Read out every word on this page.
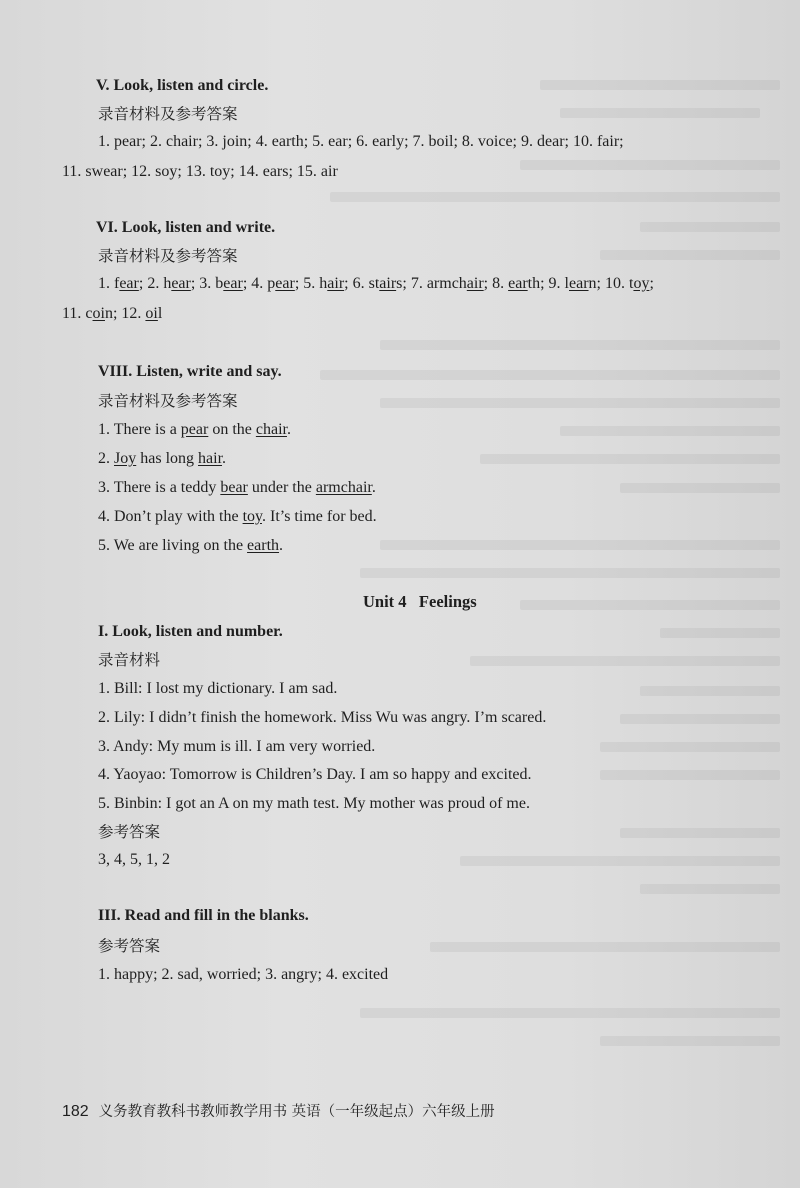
V. Look, listen and circle.
录音材料及参考答案
1. pear; 2. chair; 3. join; 4. earth; 5. ear; 6. early; 7. boil; 8. voice; 9. dear; 10. fair;
11. swear; 12. soy; 13. toy; 14. ears; 15. air
VI. Look, listen and write.
录音材料及参考答案
1. fear; 2. hear; 3. bear; 4. pear; 5. hair; 6. stairs; 7. armchair; 8. earth; 9. learn; 10. toy;
11. coin; 12. oil
VIII. Listen, write and say.
录音材料及参考答案
1. There is a pear on the chair.
2. Joy has long hair.
3. There is a teddy bear under the armchair.
4. Don’t play with the toy. It’s time for bed.
5. We are living on the earth.
Unit 4   Feelings
I. Look, listen and number.
录音材料
1. Bill: I lost my dictionary. I am sad.
2. Lily: I didn’t finish the homework. Miss Wu was angry. I’m scared.
3. Andy: My mum is ill. I am very worried.
4. Yaoyao: Tomorrow is Children’s Day. I am so happy and excited.
5. Binbin: I got an A on my math test. My mother was proud of me.
参考答案
3, 4, 5, 1, 2
III. Read and fill in the blanks.
参考答案
1. happy; 2. sad, worried; 3. angry; 4. excited
182 义务教育教科书教师教学用书 英语（一年级起点）六年级上册
